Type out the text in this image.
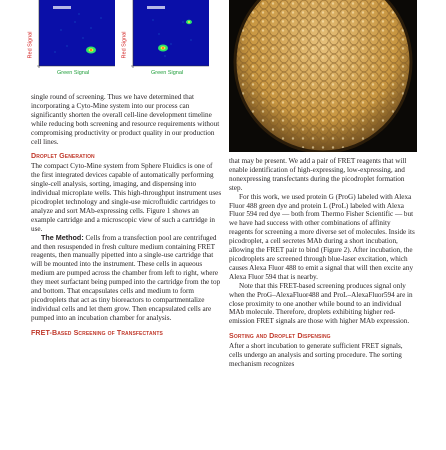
Red Signal
Green Signal
Red Signal
Green Signal

single round of screening. Thus we have determined that incorporating a Cyto-Mine system into our process can significantly shorten the overall cell-line development timeline while reducing both screening and resource requirements without compromising productivity or product quality in our production cell lines.

Droplet Generation

The compact Cyto-Mine system from Sphere Fluidics is one of the first integrated devices capable of automatically performing single-cell analysis, sorting, imaging, and dispensing into individual microplate wells. This high-throughput instrument uses picodroplet technology and single-use microfluidic cartridges to analyze and sort MAb-expressing cells. Figure 1 shows an example cartridge and a microscopic view of such a cartridge in use.

The Method: Cells from a transfection pool are centrifuged and then resuspended in fresh culture medium containing FRET reagents, then manually pipetted into a single-use cartridge that will be mounted into the instrument. These cells in aqueous medium are pumped across the chamber from left to right, where they meet surfactant being pumped into the cartridge from the top and bottom. That encapsulates cells and medium to form picodroplets that act as tiny bioreactors to compartmentalize individual cells and let them grow. Then encapsulated cells are pumped into an incubation chamber for analysis.

FRET-Based Screening of Transfectants

that may be present. We add a pair of FRET reagents that will enable identification of high-expressing, low-expressing, and nonexpressing transfectants during the picodroplet formation step.

For this work, we used protein G (ProG) labeled with Alexa Fluor 488 green dye and protein L (ProL) labeled with Alexa Fluor 594 red dye — both from Thermo Fisher Scientific — but we have had success with other combinations of affinity reagents for screening a more diverse set of molecules. Inside its picodroplet, a cell secretes MAb during a short incubation, allowing the FRET pair to bind (Figure 2). After incubation, the picodroplets are screened through blue-laser excitation, which causes Alexa Fluor 488 to emit a signal that will then excite any Alexa Fluor 594 that is nearby.

Note that this FRET-based screening produces signal only when the ProG–AlexaFluor488 and ProL–AlexaFluor594 are in close proximity to one another while bound to an individual MAb molecule. Therefore, droplets exhibiting higher red-emission FRET signals are those with higher MAb expression.

Sorting and Droplet Dispensing

After a short incubation to generate sufficient FRET signals, cells undergo an analysis and sorting procedure. The sorting mechanism recognizes
